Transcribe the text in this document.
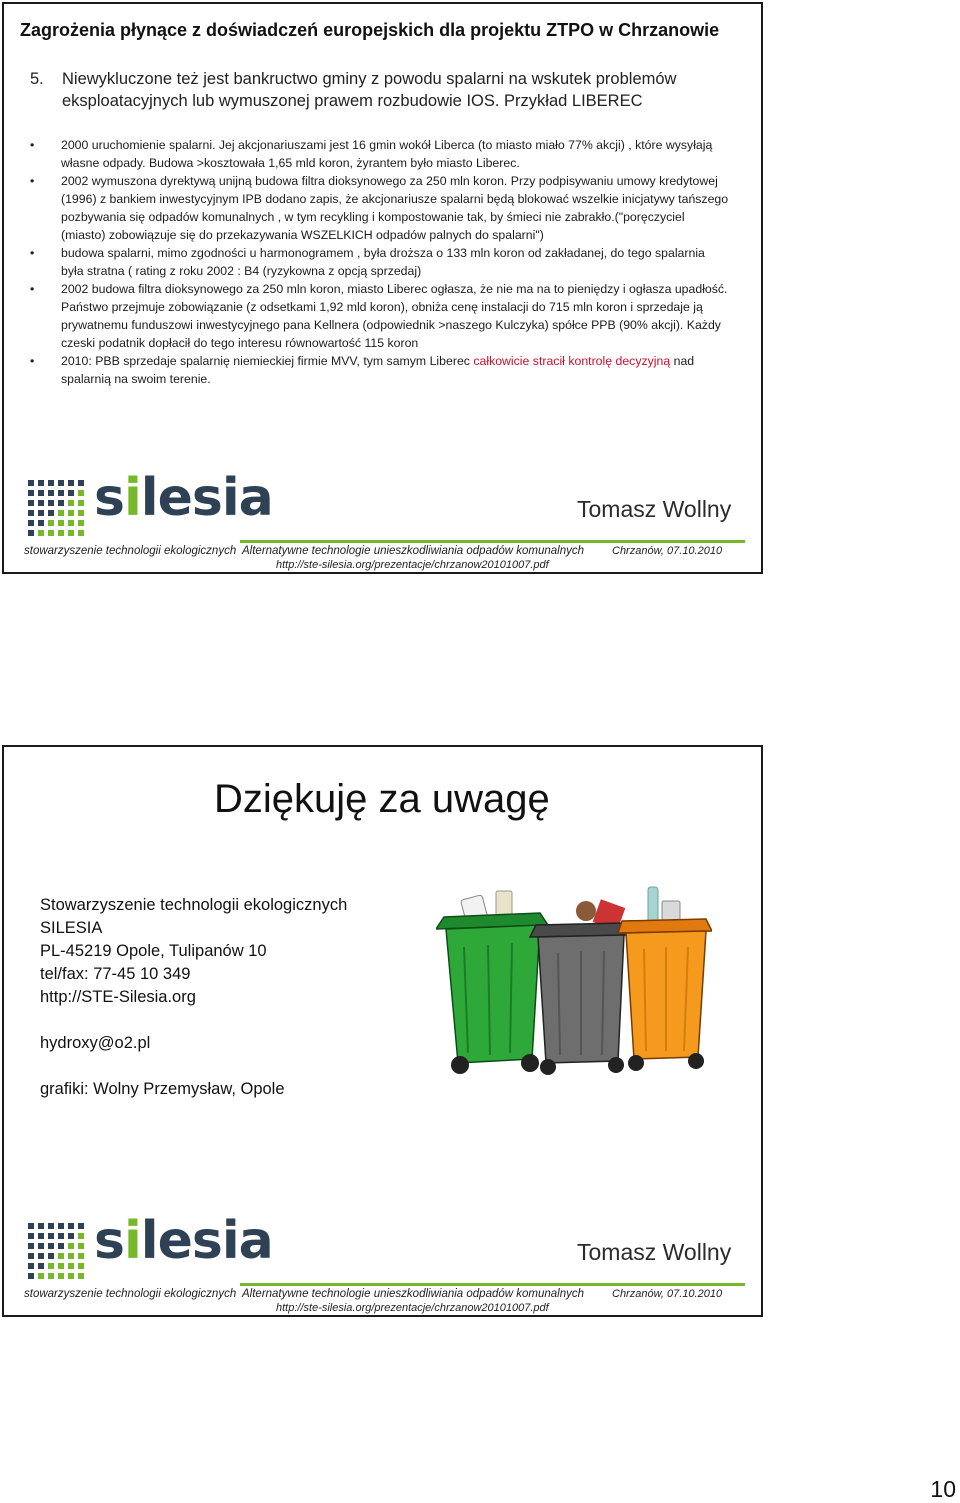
Zagrożenia płynące z doświadczeń europejskich dla projektu ZTPO w Chrzanowie
5. Niewykluczone też jest bankructwo gminy z powodu spalarni na wskutek problemów eksploatacyjnych lub wymuszonej prawem rozbudowie IOS. Przykład LIBEREC
•
2000 uruchomienie spalarni. Jej akcjonariuszami jest 16 gmin wokół Liberca (to miasto miało 77% akcji) , które wysyłają własne odpady. Budowa >kosztowała 1,65 mld koron, żyrantem było miasto Liberec.
•
2002 wymuszona dyrektywą unijną budowa filtra dioksynowego za 250 mln koron. Przy podpisywaniu umowy kredytowej (1996) z bankiem inwestycyjnym IPB dodano zapis, że akcjonariusze spalarni będą blokować wszelkie inicjatywy tańszego pozbywania się odpadów komunalnych , w tym recykling i kompostowanie tak, by śmieci nie zabrakło.("poręczyciel (miasto) zobowiązuje się do przekazywania WSZELKICH odpadów palnych do spalarni")
•
budowa spalarni, mimo zgodności u harmonogramem , była droższa o 133 mln koron od zakładanej, do tego spalarnia była stratna ( rating z roku 2002 : B4 (ryzykowna z opcją sprzedaj)
•
2002 budowa filtra dioksynowego za 250 mln koron, miasto Liberec ogłasza, że nie ma na to pieniędzy i ogłasza upadłość. Państwo przejmuje zobowiązanie (z odsetkami 1,92 mld koron), obniża cenę instalacji do 715 mln koron i sprzedaje ją prywatnemu funduszowi inwestycyjnego pana Kellnera (odpowiednik >naszego Kulczyka) spółce PPB (90% akcji). Każdy czeski podatnik dopłacił do tego interesu równowartość 115 koron
•
2010: PBB sprzedaje spalarnię niemieckiej firmie MVV, tym samym Liberec całkowicie stracił kontrolę decyzyjną nad spalarnią na swoim terenie.
silesia	Tomasz Wollny
stowarzyszenie technologii ekologicznych Alternatywne technologie unieszkodliwiania odpadów komunalnych	Chrzanów, 07.10.2010
http://ste-silesia.org/prezentacje/chrzanow20101007.pdf
Dziękuję za uwagę
Stowarzyszenie technologii ekologicznych
SILESIA
PL-45219 Opole, Tulipanów 10
tel/fax: 77-45 10 349
http://STE-Silesia.org
hydroxy@o2.pl
grafiki: Wolny Przemysław, Opole
silesia	Tomasz Wollny
stowarzyszenie technologii ekologicznych Alternatywne technologie unieszkodliwiania odpadów komunalnych	Chrzanów, 07.10.2010
http://ste-silesia.org/prezentacje/chrzanow20101007.pdf
10
